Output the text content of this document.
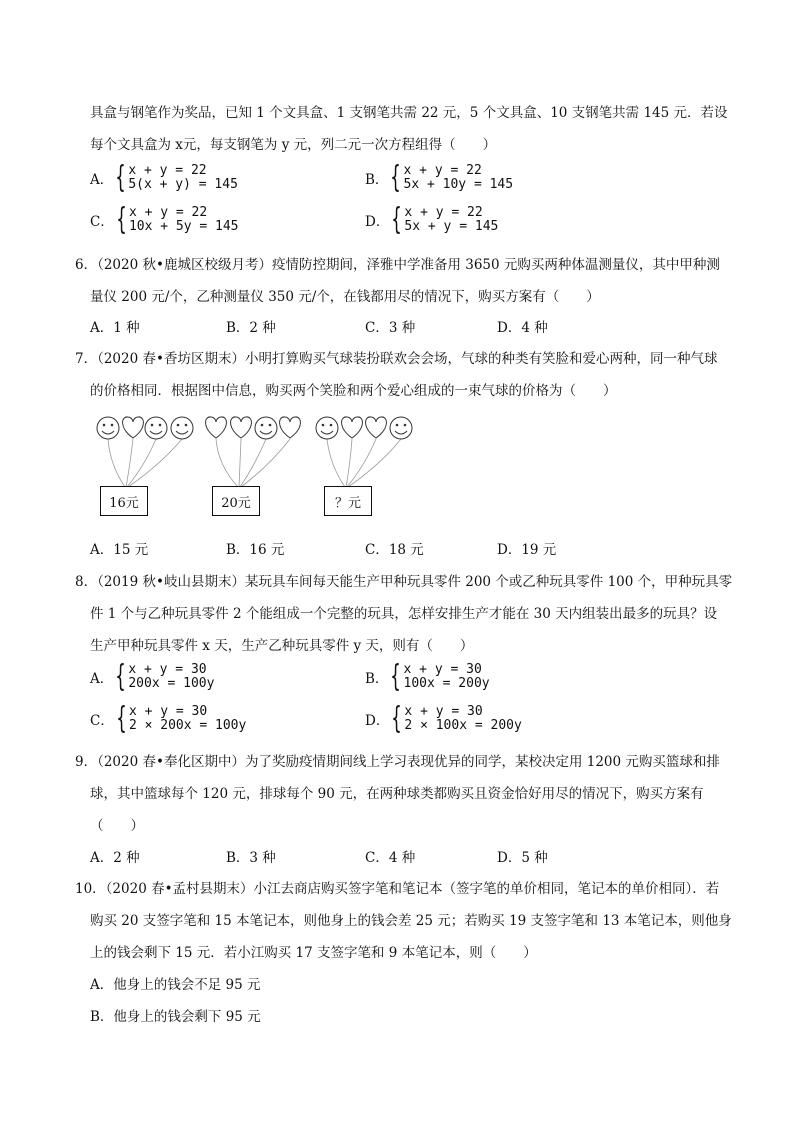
具盒与钢笔作为奖品，已知 1 个文具盒、1 支钢笔共需 22 元，5 个文具盒、10 支钢笔共需 145 元．若设
每个文具盒为 x元，每支钢笔为 y 元，列二元一次方程组得（　　）
A． { x + y = 22
5(x + y) = 145	B． { x + y = 22
5x + 10y = 145
C． { x + y = 22
10x + 5y = 145	D． { x + y = 22
5x + y = 145
6．（2020 秋•鹿城区校级月考）疫情防控期间，泽雅中学准备用 3650 元购买两种体温测量仪，其中甲种测
量仪 200 元/个，乙种测量仪 350 元/个，在钱都用尽的情况下，购买方案有（　　）
A．1 种	B．2 种	C．3 种	D．4 种
7．（2020 春•香坊区期末）小明打算购买气球装扮联欢会会场，气球的种类有笑脸和爱心两种，同一种气球
的价格相同．根据图中信息，购买两个笑脸和两个爱心组成的一束气球的价格为（　　）
16元	20元	？元
A．15 元	B．16 元	C．18 元	D．19 元
8．（2019 秋•岐山县期末）某玩具车间每天能生产甲种玩具零件 200 个或乙种玩具零件 100 个，甲种玩具零
件 1 个与乙种玩具零件 2 个能组成一个完整的玩具，怎样安排生产才能在 30 天内组装出最多的玩具？设
生产甲种玩具零件 x 天，生产乙种玩具零件 y 天，则有（　　）
A． { x + y = 30
200x = 100y	B． { x + y = 30
100x = 200y
C． { x + y = 30
2 × 200x = 100y	D． { x + y = 30
2 × 100x = 200y
9．（2020 春•奉化区期中）为了奖励疫情期间线上学习表现优异的同学，某校决定用 1200 元购买篮球和排
球，其中篮球每个 120 元，排球每个 90 元，在两种球类都购买且资金恰好用尽的情况下，购买方案有
（　　）
A．2 种	B．3 种	C．4 种	D．5 种
10．（2020 春•孟村县期末）小江去商店购买签字笔和笔记本（签字笔的单价相同，笔记本的单价相同）．若
购买 20 支签字笔和 15 本笔记本，则他身上的钱会差 25 元；若购买 19 支签字笔和 13 本笔记本，则他身
上的钱会剩下 15 元．若小江购买 17 支签字笔和 9 本笔记本，则（　　）
A．他身上的钱会不足 95 元
B．他身上的钱会剩下 95 元
